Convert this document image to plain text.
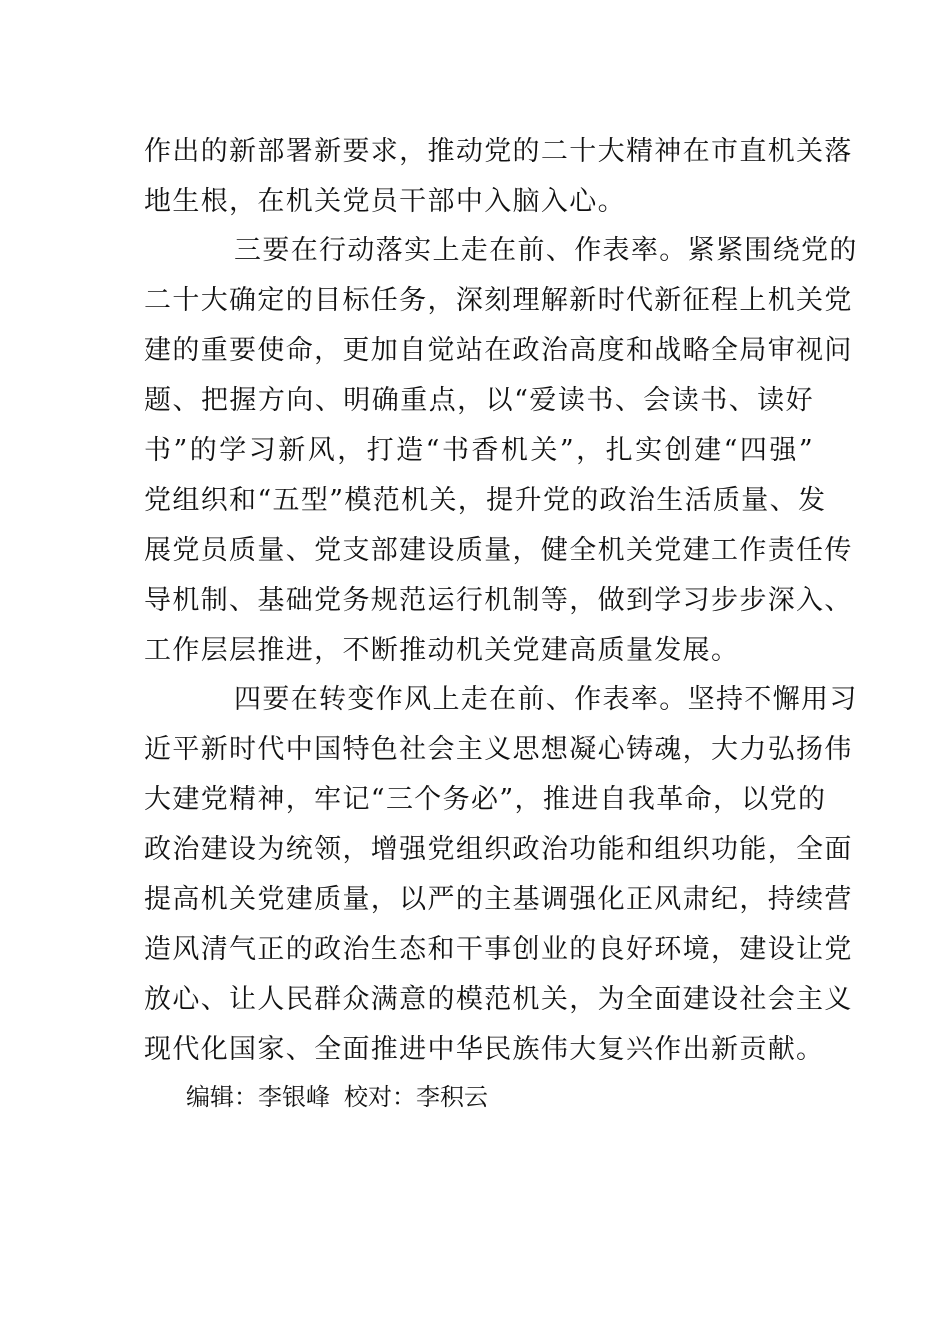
作出的新部署新要求，推动党的二十大精神在市直机关落
地生根，在机关党员干部中入脑入心。
三要在行动落实上走在前、作表率。紧紧围绕党的
二十大确定的目标任务，深刻理解新时代新征程上机关党
建的重要使命，更加自觉站在政治高度和战略全局审视问
题、把握方向、明确重点，以“爱读书、会读书、读好
书”的学习新风，打造“书香机关”，扎实创建“四强”
党组织和“五型”模范机关，提升党的政治生活质量、发
展党员质量、党支部建设质量，健全机关党建工作责任传
导机制、基础党务规范运行机制等，做到学习步步深入、
工作层层推进，不断推动机关党建高质量发展。
四要在转变作风上走在前、作表率。坚持不懈用习
近平新时代中国特色社会主义思想凝心铸魂，大力弘扬伟
大建党精神，牢记“三个务必”，推进自我革命，以党的
政治建设为统领，增强党组织政治功能和组织功能，全面
提高机关党建质量，以严的主基调强化正风肃纪，持续营
造风清气正的政治生态和干事创业的良好环境，建设让党
放心、让人民群众满意的模范机关，为全面建设社会主义
现代化国家、全面推进中华民族伟大复兴作出新贡献。
编辑：李银峰 校对：李积云
